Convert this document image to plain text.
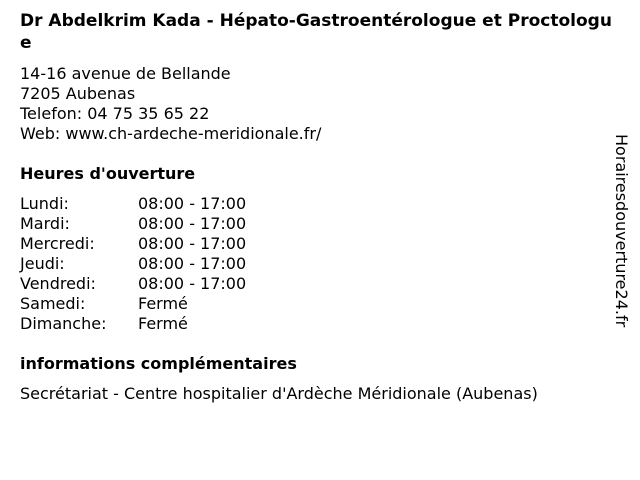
Dr Abdelkrim Kada - Hépato-Gastroentérologue et Proctologue
14-16 avenue de Bellande
7205 Aubenas
Telefon: 04 75 35 65 22
Web: www.ch-ardeche-meridionale.fr/
Heures d'ouverture
Lundi:	08:00 - 17:00
Mardi:	08:00 - 17:00
Mercredi:	08:00 - 17:00
Jeudi:	08:00 - 17:00
Vendredi:	08:00 - 17:00
Samedi:	Fermé
Dimanche:	Fermé
informations complémentaires
Secrétariat - Centre hospitalier d'Ardèche Méridionale (Aubenas)
Horairesdouverture24.fr
